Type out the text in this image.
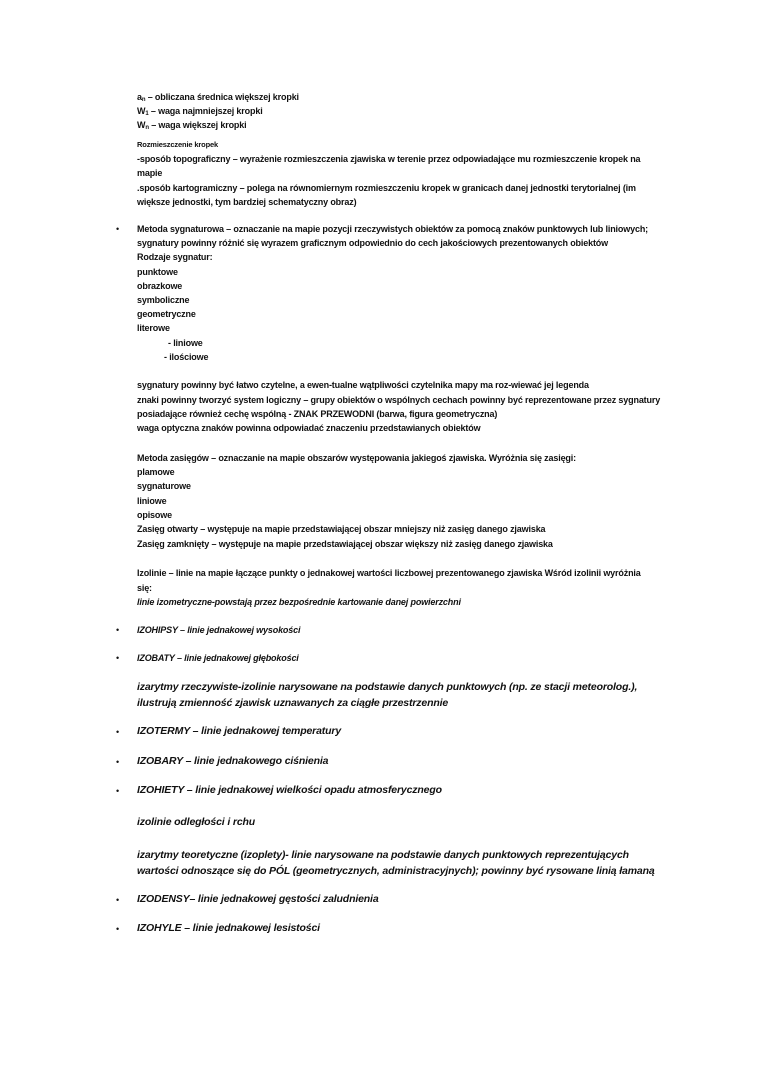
$a_n$ – obliczana średnica większej kropki
$W_1$ – waga najmniejszej kropki
$W_n$ – waga większej kropki
Rozmieszczenie kropek
-sposób topograficzny – wyrażenie rozmieszczenia zjawiska w terenie przez odpowiadające mu rozmieszczenie kropek na
mapie
.sposób kartogramiczny – polega na równomiernym rozmieszczeniu kropek w granicach danej jednostki terytorialnej (im
większe jednostki, tym bardziej schematyczny obraz)
• Metoda sygnaturowa – oznaczanie na mapie pozycji rzeczywistych obiektów za pomocą znaków punktowych lub liniowych;
sygnatury powinny różnić się wyrazem graficznym odpowiednio do cech jakościowych prezentowanych obiektów
Rodzaje sygnatur:
punktowe
obrazkowe
symboliczne
geometryczne
literowe
- liniowe
- ilościowe
sygnatury powinny być łatwo czytelne, a ewen-tualne wątpliwości czytelnika mapy ma roz-wiewać jej legenda
znaki powinny tworzyć system logiczny – grupy obiektów o wspólnych cechach powinny być reprezentowane przez sygnatury
posiadające również cechę wspólną - ZNAK PRZEWODNI (barwa, figura geometryczna)
waga optyczna znaków powinna odpowiadać znaczeniu przedstawianych obiektów
Metoda zasięgów – oznaczanie na mapie obszarów występowania jakiegoś zjawiska. Wyróżnia się zasięgi:
plamowe
sygnaturowe
liniowe
opisowe
Zasięg otwarty – występuje na mapie przedstawiającej obszar mniejszy niż zasięg danego zjawiska
Zasięg zamknięty – występuje na mapie przedstawiającej obszar większy niż zasięg danego zjawiska
Izolinie – linie na mapie łączące punkty o jednakowej wartości liczbowej prezentowanego zjawiska Wśród izolinii wyróżnia
się:
linie izometryczne-powstają przez bezpośrednie kartowanie danej powierzchni
• IZOHIPSY – linie jednakowej wysokości
• IZOBATY – linie jednakowej głębokości
izarytmy rzeczywiste-izolinie narysowane na podstawie danych punktowych (np. ze stacji meteorolog.),
ilustrują zmienność zjawisk uznawanych za ciągłe przestrzennie
• IZOTERMY – linie jednakowej temperatury
• IZOBARY – linie jednakowego ciśnienia
• IZOHIETY – linie jednakowej wielkości opadu atmosferycznego
izolinie odległości i rchu
izarytmy teoretyczne (izoplety)- linie narysowane na podstawie danych punktowych reprezentujących
wartości odnoszące się do PÓL (geometrycznych, administracyjnych); powinny być rysowane linią łamaną
• IZODENSY– linie jednakowej gęstości zaludnienia
• IZOHYLE – linie jednakowej lesistości
